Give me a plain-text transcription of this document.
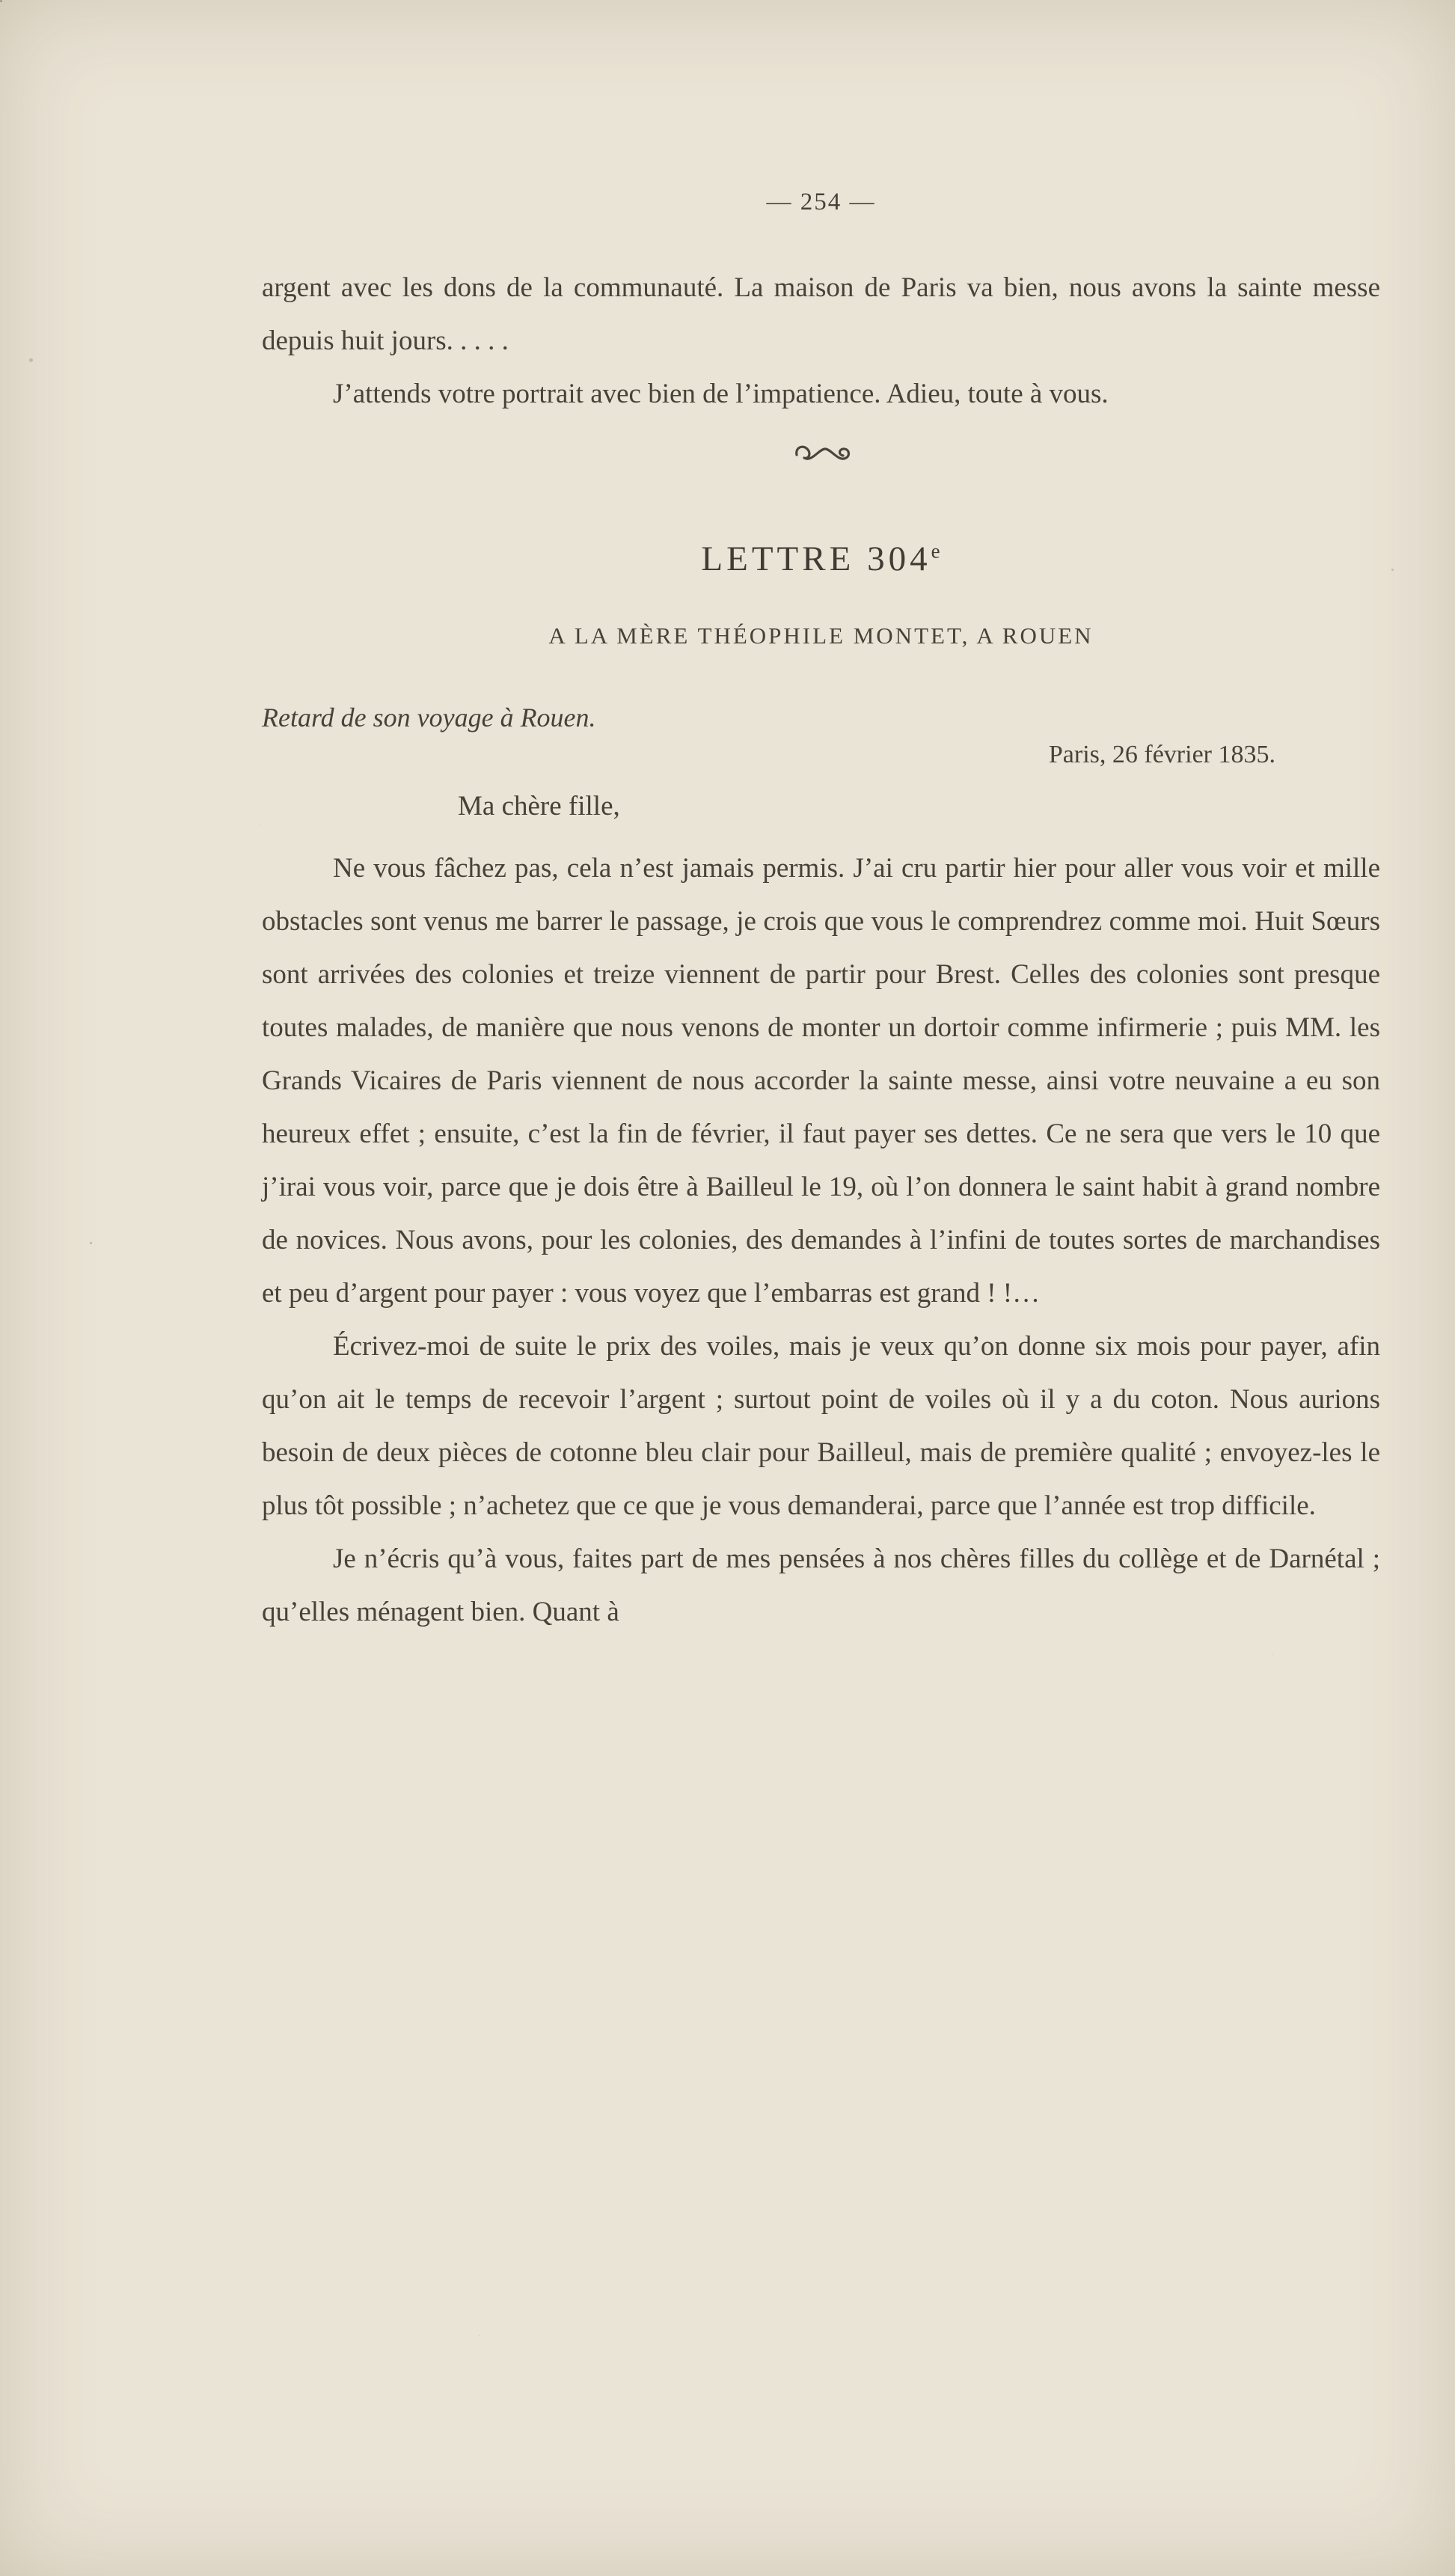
— 254 —

argent avec les dons de la communauté. La maison de Paris va bien, nous avons la sainte messe depuis huit jours. . . . .

J’attends votre portrait avec bien de l’impatience. Adieu, toute à vous.

LETTRE 304e
A LA MÈRE THÉOPHILE MONTET, A ROUEN

Retard de son voyage à Rouen.

Paris, 26 février 1835.

Ma chère fille,

Ne vous fâchez pas, cela n’est jamais permis. J’ai cru partir hier pour aller vous voir et mille obstacles sont venus me barrer le passage, je crois que vous le comprendrez comme moi. Huit Sœurs sont arrivées des colonies et treize viennent de partir pour Brest. Celles des colonies sont presque toutes malades, de manière que nous venons de monter un dortoir comme infirmerie ; puis MM. les Grands Vicaires de Paris viennent de nous accorder la sainte messe, ainsi votre neuvaine a eu son heureux effet ; ensuite, c’est la fin de février, il faut payer ses dettes. Ce ne sera que vers le 10 que j’irai vous voir, parce que je dois être à Bailleul le 19, où l’on donnera le saint habit à grand nombre de novices. Nous avons, pour les colonies, des demandes à l’infini de toutes sortes de marchandises et peu d’argent pour payer : vous voyez que l’embarras est grand ! !…

Écrivez-moi de suite le prix des voiles, mais je veux qu’on donne six mois pour payer, afin qu’on ait le temps de recevoir l’argent ; surtout point de voiles où il y a du coton. Nous aurions besoin de deux pièces de cotonne bleu clair pour Bailleul, mais de première qualité ; envoyez-les le plus tôt possible ; n’achetez que ce que je vous demanderai, parce que l’année est trop difficile.

Je n’écris qu’à vous, faites part de mes pensées à nos chères filles du collège et de Darnétal ; qu’elles ménagent bien. Quant à
